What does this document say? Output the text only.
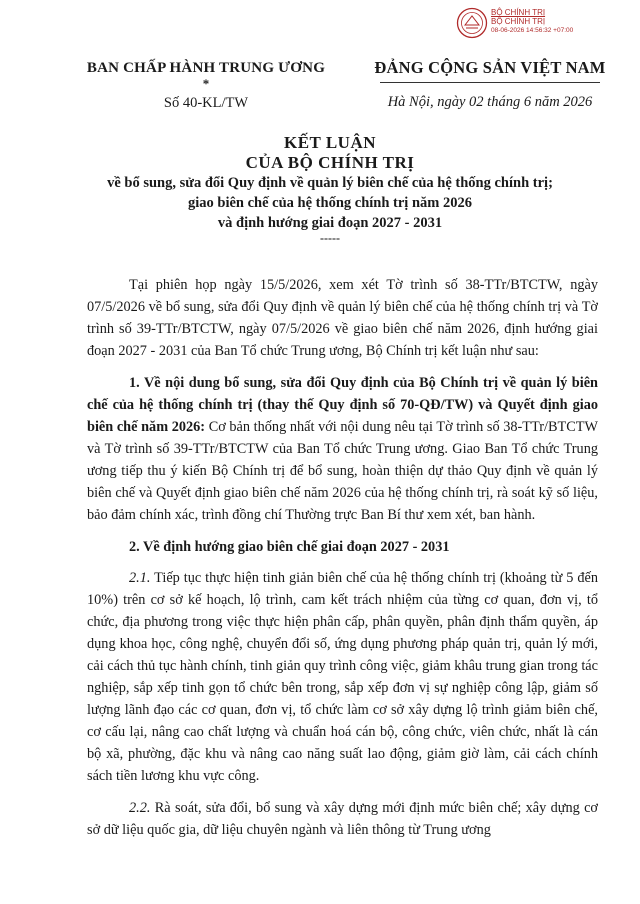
BỘ CHÍNH TRỊ
BỘ CHÍNH TRỊ
08-06-2026 14:56:32 +07:00
BAN CHẤP HÀNH TRUNG ƯƠNG
*
Số 40-KL/TW
ĐẢNG CỘNG SẢN VIỆT NAM
Hà Nội, ngày 02 tháng 6 năm 2026
KẾT LUẬN
CỦA BỘ CHÍNH TRỊ
về bổ sung, sửa đổi Quy định về quản lý biên chế của hệ thống chính trị;
giao biên chế của hệ thống chính trị năm 2026
và định hướng giai đoạn 2027 - 2031
-----

Tại phiên họp ngày 15/5/2026, xem xét Tờ trình số 38-TTr/BTCTW, ngày 07/5/2026 về bổ sung, sửa đổi Quy định về quản lý biên chế của hệ thống chính trị và Tờ trình số 39-TTr/BTCTW, ngày 07/5/2026 về giao biên chế năm 2026, định hướng giai đoạn 2027 - 2031 của Ban Tổ chức Trung ương, Bộ Chính trị kết luận như sau:

1. Về nội dung bổ sung, sửa đổi Quy định của Bộ Chính trị về quản lý biên chế của hệ thống chính trị (thay thế Quy định số 70-QĐ/TW) và Quyết định giao biên chế năm 2026: Cơ bản thống nhất với nội dung nêu tại Tờ trình số 38-TTr/BTCTW và Tờ trình số 39-TTr/BTCTW của Ban Tổ chức Trung ương. Giao Ban Tổ chức Trung ương tiếp thu ý kiến Bộ Chính trị để bổ sung, hoàn thiện dự thảo Quy định về quản lý biên chế và Quyết định giao biên chế năm 2026 của hệ thống chính trị, rà soát kỹ số liệu, bảo đảm chính xác, trình đồng chí Thường trực Ban Bí thư xem xét, ban hành.

2. Về định hướng giao biên chế giai đoạn 2027 - 2031

2.1. Tiếp tục thực hiện tinh giản biên chế của hệ thống chính trị (khoảng từ 5 đến 10%) trên cơ sở kế hoạch, lộ trình, cam kết trách nhiệm của từng cơ quan, đơn vị, tổ chức, địa phương trong việc thực hiện phân cấp, phân quyền, phân định thẩm quyền, áp dụng khoa học, công nghệ, chuyển đổi số, ứng dụng phương pháp quản trị, quản lý mới, cải cách thủ tục hành chính, tinh giản quy trình công việc, giảm khâu trung gian trong tác nghiệp, sắp xếp tinh gọn tổ chức bên trong, sắp xếp đơn vị sự nghiệp công lập, giảm số lượng lãnh đạo các cơ quan, đơn vị, tổ chức làm cơ sở xây dựng lộ trình giảm biên chế, cơ cấu lại, nâng cao chất lượng và chuẩn hoá cán bộ, công chức, viên chức, nhất là cán bộ xã, phường, đặc khu và nâng cao năng suất lao động, giảm giờ làm, cải cách chính sách tiền lương khu vực công.

2.2. Rà soát, sửa đổi, bổ sung và xây dựng mới định mức biên chế; xây dựng cơ sở dữ liệu quốc gia, dữ liệu chuyên ngành và liên thông từ Trung ương
